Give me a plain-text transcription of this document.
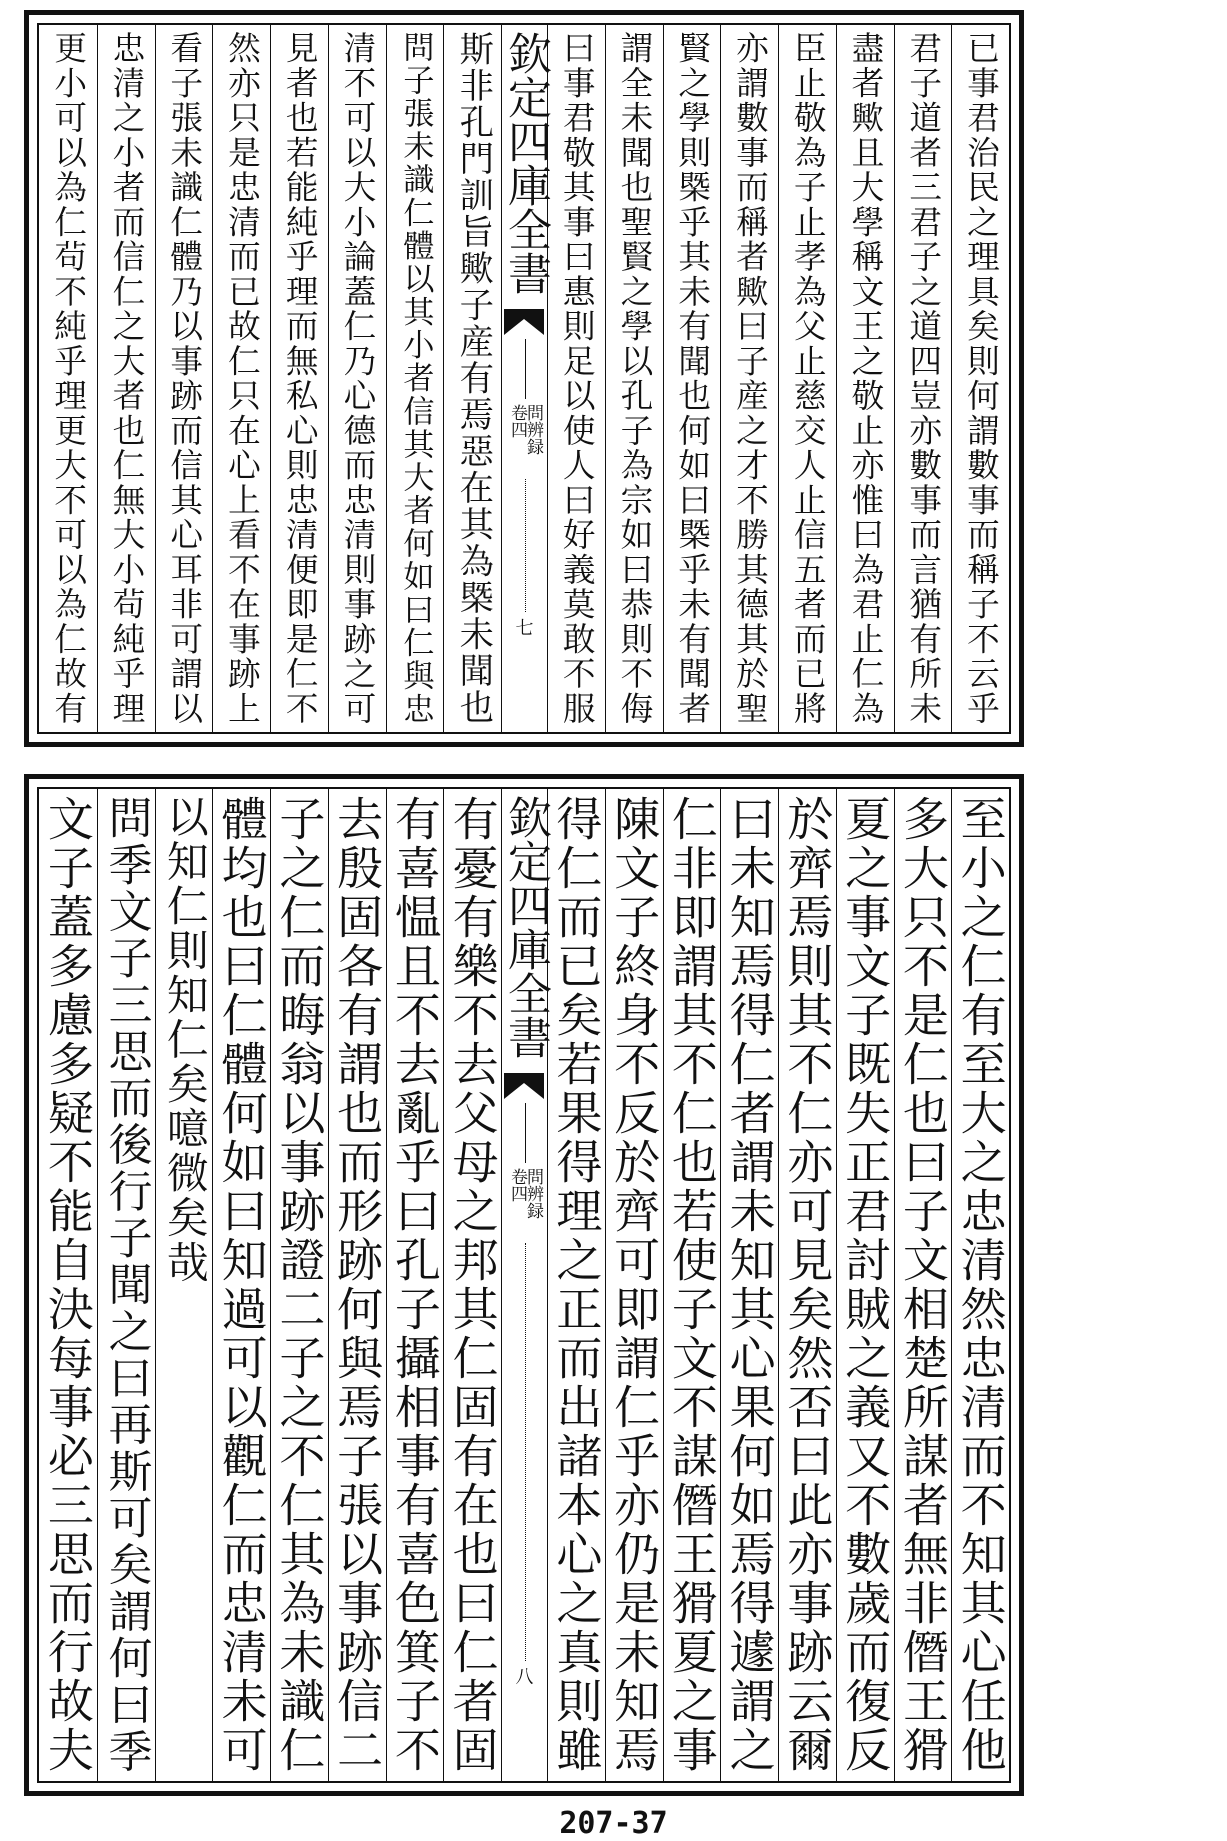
已事君治民之理具矣則何謂數事而稱子不云乎
君子道者三君子之道四豈亦數事而言猶有所未
盡者歟且大學稱文王之敬止亦惟曰為君止仁為
臣止敬為子止孝為父止慈交人止信五者而已將
亦謂數事而稱者歟曰子産之才不勝其德其於聖
賢之學則槩乎其未有聞也何如曰槩乎未有聞者
謂全未聞也聖賢之學以孔子為宗如曰恭則不侮
曰事君敬其事曰惠則足以使人曰好義莫敢不服
欽定四庫全書
問辨録
卷四
七
斯非孔門訓旨歟子産有焉惡在其為槩未聞也
問子張未識仁體以其小者信其大者何如曰仁與忠
清不可以大小論蓋仁乃心德而忠清則事跡之可
見者也若能純乎理而無私心則忠清便即是仁不
然亦只是忠清而已故仁只在心上看不在事跡上
看子張未識仁體乃以事跡而信其心耳非可謂以
忠清之小者而信仁之大者也仁無大小茍純乎理
更小可以為仁茍不純乎理更大不可以為仁故有
至小之仁有至大之忠清然忠清而不知其心任他
多大只不是仁也曰子文相楚所謀者無非僭王猾
夏之事文子既失正君討賊之義又不數歲而復反
於齊焉則其不仁亦可見矣然否曰此亦事跡云爾
曰未知焉得仁者謂未知其心果何如焉得遽謂之
仁非即謂其不仁也若使子文不謀僭王猾夏之事
陳文子終身不反於齊可即謂仁乎亦仍是未知焉
得仁而已矣若果得理之正而出諸本心之真則雖
欽定四庫全書
問辨録
卷四
八
有憂有樂不去父母之邦其仁固有在也曰仁者固
有喜愠且不去亂乎曰孔子攝相事有喜色箕子不
去殷固各有謂也而形跡何與焉子張以事跡信二
子之仁而晦翁以事跡證二子之不仁其為未識仁
體均也曰仁體何如曰知過可以觀仁而忠清未可
以知仁則知仁矣噫微矣哉
問季文子三思而後行子聞之曰再斯可矣謂何曰季
文子蓋多慮多疑不能自決每事必三思而行故夫
207-37
